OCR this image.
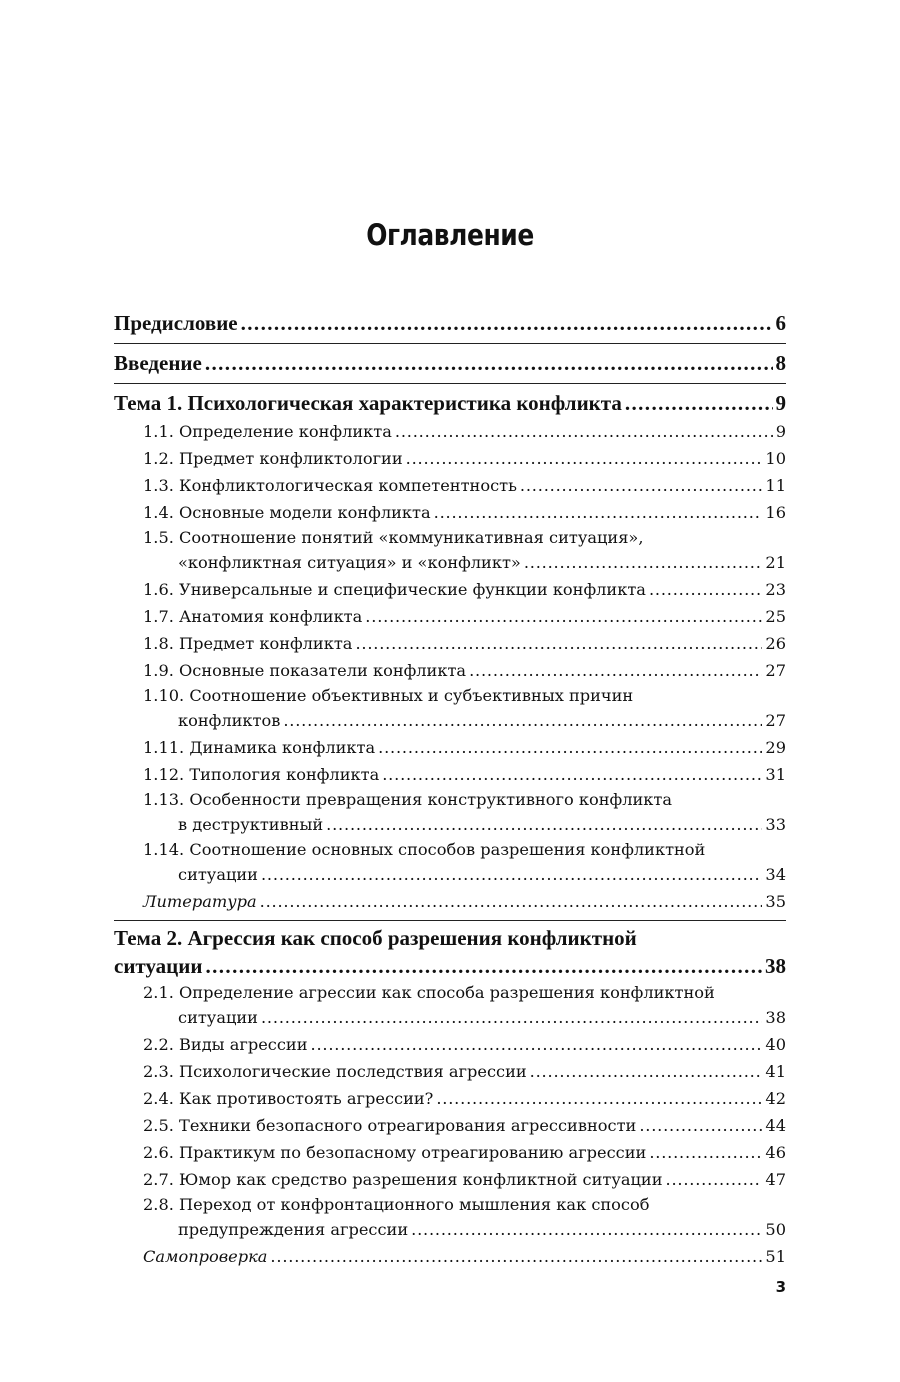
Оглавление
Предисловие .....	6
Введение .....	8
Тема 1. Психологическая характеристика конфликта .....	9
1.1. Определение конфликта .....	9
1.2. Предмет конфликтологии .....	10
1.3. Конфликтологическая компетентность .....	11
1.4. Основные модели конфликта .....	16
1.5. Соотношение понятий «коммуникативная ситуация»,
«конфликтная ситуация» и «конфликт» .....	21
1.6. Универсальные и специфические функции конфликта .....	23
1.7. Анатомия конфликта .....	25
1.8. Предмет конфликта .....	26
1.9. Основные показатели конфликта .....	27
1.10. Соотношение объективных и субъективных причин
конфликтов .....	27
1.11. Динамика конфликта .....	29
1.12. Типология конфликта .....	31
1.13. Особенности превращения конструктивного конфликта
в деструктивный .....	33
1.14. Соотношение основных способов разрешения конфликтной
ситуации .....	34
Литература .....	35
Тема 2. Агрессия как способ разрешения конфликтной
ситуации .....	38
2.1. Определение агрессии как способа разрешения конфликтной
ситуации .....	38
2.2. Виды агрессии .....	40
2.3. Психологические последствия агрессии .....	41
2.4. Как противостоять агрессии? .....	42
2.5. Техники безопасного отреагирования агрессивности .....	44
2.6. Практикум по безопасному отреагированию агрессии .....	46
2.7. Юмор как средство разрешения конфликтной ситуации .....	47
2.8. Переход от конфронтационного мышления как способ
предупреждения агрессии .....	50
Самопроверка .....	51
3
